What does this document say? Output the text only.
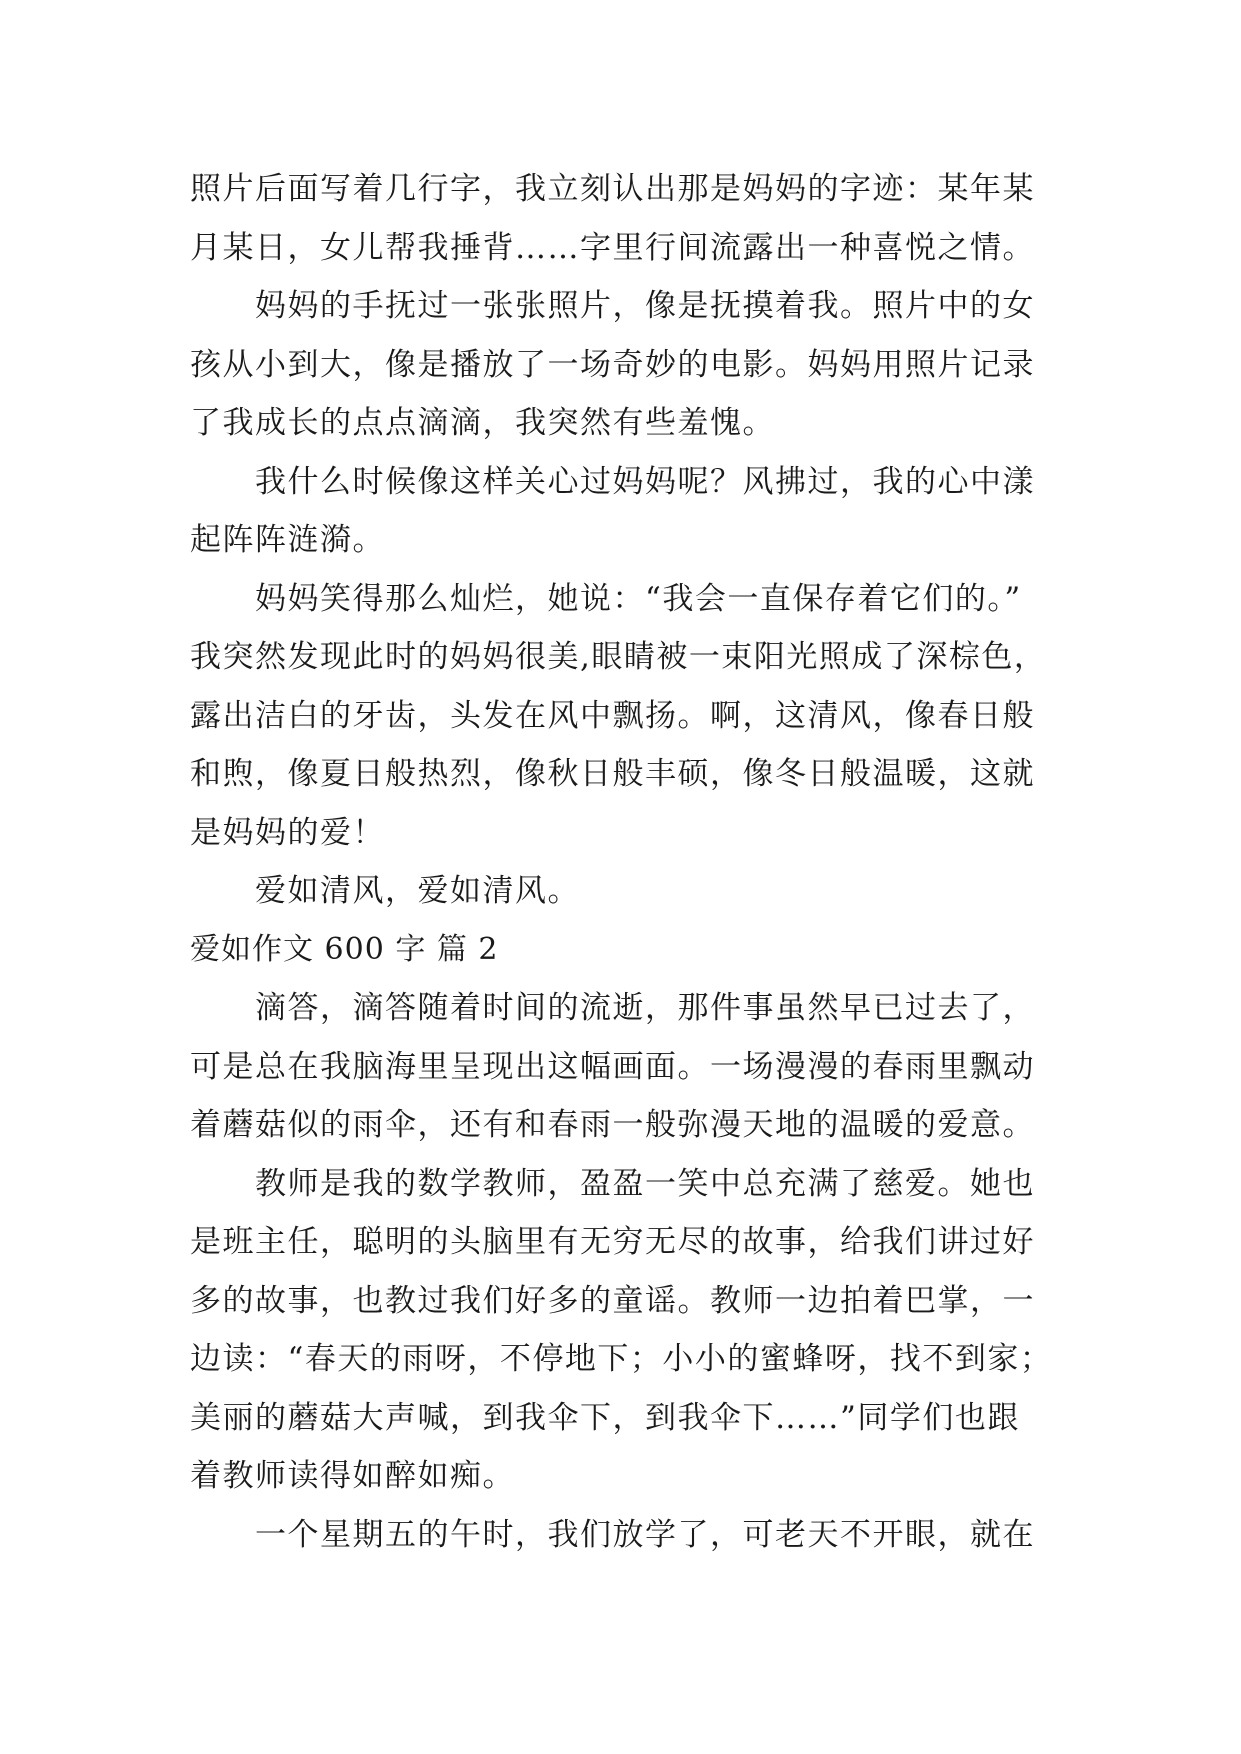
照片后面写着几行字，我立刻认出那是妈妈的字迹：某年某
月某日，女儿帮我捶背……字里行间流露出一种喜悦之情。
妈妈的手抚过一张张照片，像是抚摸着我。照片中的女
孩从小到大，像是播放了一场奇妙的电影。妈妈用照片记录
了我成长的点点滴滴，我突然有些羞愧。
我什么时候像这样关心过妈妈呢？风拂过，我的心中漾
起阵阵涟漪。
妈妈笑得那么灿烂，她说：“我会一直保存着它们的。”
我突然发现此时的妈妈很美,眼睛被一束阳光照成了深棕色，
露出洁白的牙齿，头发在风中飘扬。啊，这清风，像春日般
和煦，像夏日般热烈，像秋日般丰硕，像冬日般温暖，这就
是妈妈的爱！
爱如清风，爱如清风。
爱如作文 600 字 篇 2
滴答，滴答随着时间的流逝，那件事虽然早已过去了，
可是总在我脑海里呈现出这幅画面。一场漫漫的春雨里飘动
着蘑菇似的雨伞，还有和春雨一般弥漫天地的温暖的爱意。
教师是我的数学教师，盈盈一笑中总充满了慈爱。她也
是班主任，聪明的头脑里有无穷无尽的故事，给我们讲过好
多的故事，也教过我们好多的童谣。教师一边拍着巴掌，一
边读：“春天的雨呀，不停地下；小小的蜜蜂呀，找不到家；
美丽的蘑菇大声喊，到我伞下，到我伞下……”同学们也跟
着教师读得如醉如痴。
一个星期五的午时，我们放学了，可老天不开眼，就在
